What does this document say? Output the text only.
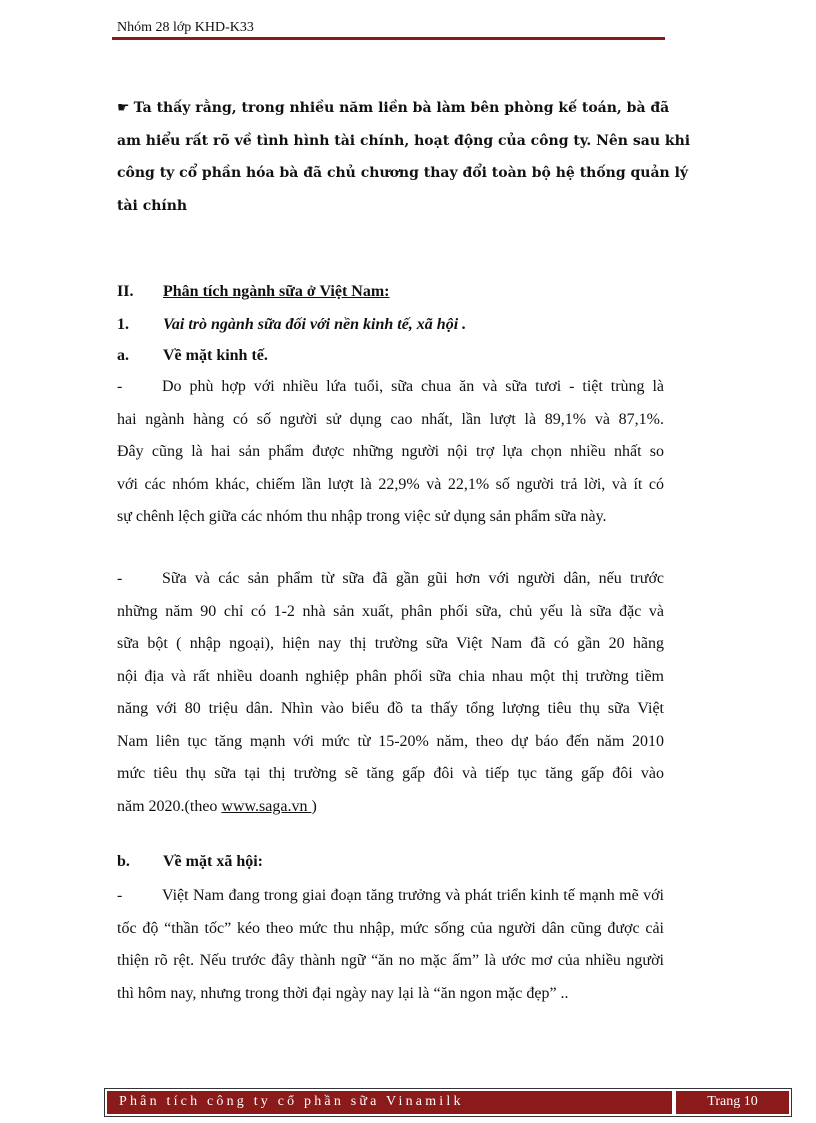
Nhóm 28 lớp KHD-K33
☛ Ta thấy rằng, trong nhiều năm liền bà làm bên phòng kế toán, bà đã
am hiểu rất rõ về tình hình tài chính, hoạt động của công ty. Nên sau khi
công ty cổ phần hóa bà đã chủ chương thay đổi toàn bộ hệ thống quản lý
tài chính
II.	Phân tích ngành sữa ở Việt Nam:
1.	Vai trò ngành sữa đối với nền kinh tế, xã hội .
a.	Về mặt kinh tế.
- Do phù hợp với nhiều lứa tuổi, sữa chua ăn và sữa tươi - tiệt trùng là
hai ngành hàng có số người sử dụng cao nhất, lần lượt là 89,1% và 87,1%.
Đây cũng là hai sản phẩm được những người nội trợ lựa chọn nhiều nhất so
với các nhóm khác, chiếm lần lượt là 22,9% và 22,1% số người trả lời, và ít có
sự chênh lệch giữa các nhóm thu nhập trong việc sử dụng sản phẩm sữa này.
- Sữa và các sản phẩm từ sữa đã gần gũi hơn với người dân, nếu trước
những năm 90 chỉ có 1-2 nhà sản xuất, phân phối sữa, chủ yếu là sữa đặc và
sữa bột ( nhập ngoại), hiện nay thị trường sữa Việt Nam đã có gần 20 hãng
nội địa và rất nhiều doanh nghiệp phân phối sữa chia nhau một thị trường tiềm
năng với 80 triệu dân. Nhìn vào biểu đồ ta thấy tổng lượng tiêu thụ sữa Việt
Nam liên tục tăng mạnh với mức từ 15-20% năm, theo dự báo đến năm 2010
mức tiêu thụ sữa tại thị trường sẽ tăng gấp đôi và tiếp tục tăng gấp đôi vào
năm 2020.(theo www.saga.vn )
b.	Về mặt xã hội:
- Việt Nam đang trong giai đoạn tăng trưởng và phát triển kinh tế mạnh mẽ với
tốc độ “thần tốc” kéo theo mức thu nhập, mức sống của người dân cũng được cải
thiện rõ rệt. Nếu trước đây thành ngữ “ăn no mặc ấm” là ước mơ của nhiều người
thì hôm nay, nhưng trong thời đại ngày nay lại là “ăn ngon mặc đẹp” ..
Phân tích công ty cổ phần sữa Vinamilk	Trang 10
